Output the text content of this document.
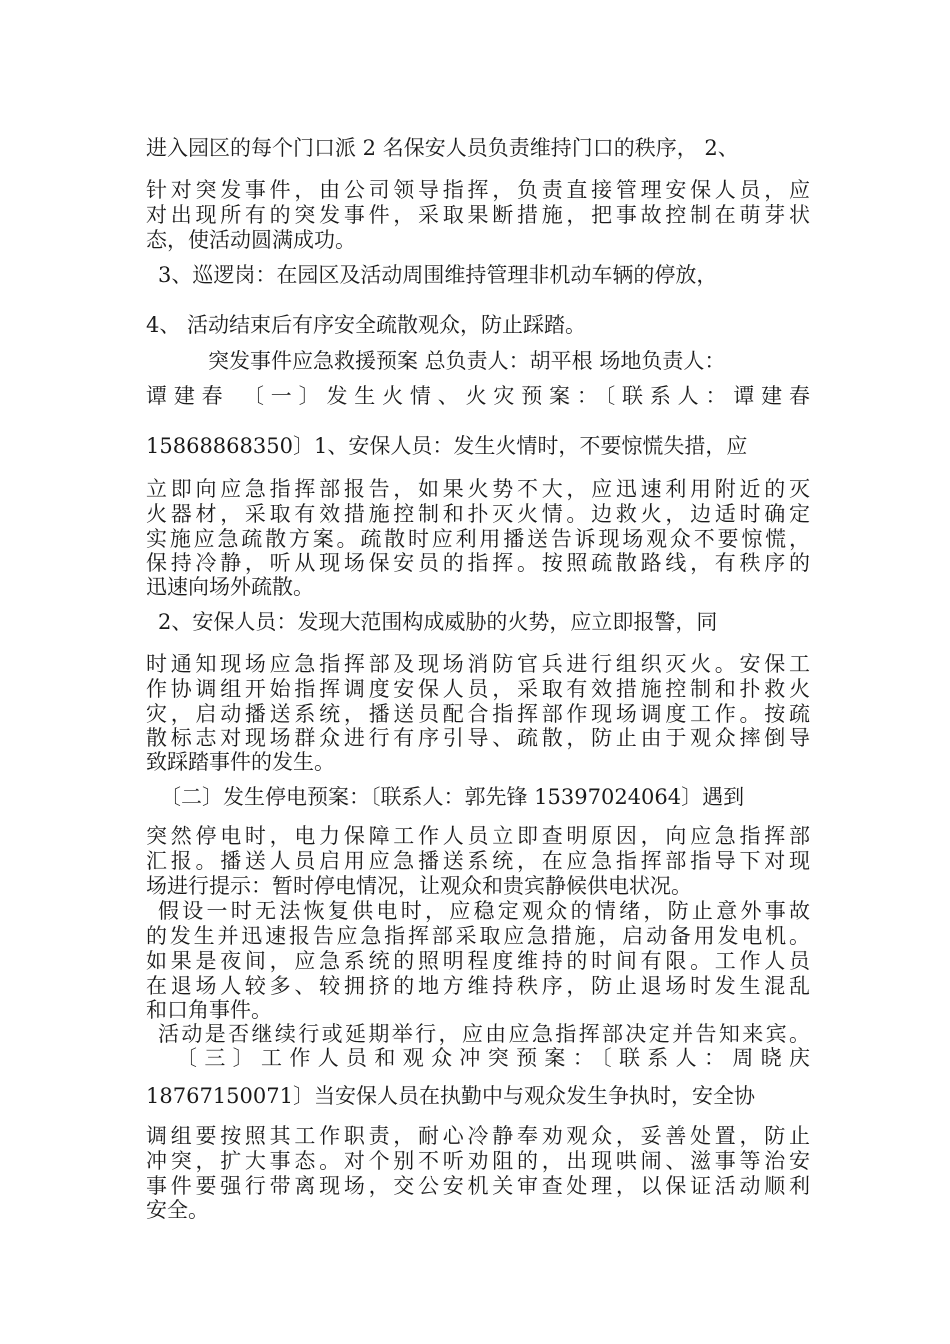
进入园区的每个门口派 2 名保安人员负责维持门口的秩序， 2、

针对突发事件，由公司领导指挥，负责直接管理安保人员，应

对出现所有的突发事件，采取果断措施，把事故控制在萌芽状

态，使活动圆满成功。

3、巡逻岗：在园区及活动周围维持管理非机动车辆的停放，

4、 活动结束后有序安全疏散观众，防止踩踏。

突发事件应急救援预案 总负责人：胡平根 场地负责人：

谭建春 〔一〕发生火情、火灾预案：〔联系人：谭建春

15868868350〕1、安保人员：发生火情时，不要惊慌失措，应

立即向应急指挥部报告，如果火势不大，应迅速利用附近的灭

火器材，采取有效措施控制和扑灭火情。边救火，边适时确定

实施应急疏散方案。疏散时应利用播送告诉现场观众不要惊慌，

保持冷静，听从现场保安员的指挥。按照疏散路线，有秩序的

迅速向场外疏散。

2、安保人员：发现大范围构成威胁的火势，应立即报警，同

时通知现场应急指挥部及现场消防官兵进行组织灭火。安保工

作协调组开始指挥调度安保人员，采取有效措施控制和扑救火

灾，启动播送系统，播送员配合指挥部作现场调度工作。按疏

散标志对现场群众进行有序引导、疏散，防止由于观众摔倒导

致踩踏事件的发生。

〔二〕发生停电预案：〔联系人：郭先锋 15397024064〕遇到

突然停电时，电力保障工作人员立即查明原因，向应急指挥部

汇报。播送人员启用应急播送系统，在应急指挥部指导下对现

场进行提示：暂时停电情况，让观众和贵宾静候供电状况。

假设一时无法恢复供电时，应稳定观众的情绪，防止意外事故

的发生并迅速报告应急指挥部采取应急措施，启动备用发电机。

如果是夜间，应急系统的照明程度维持的时间有限。工作人员

在退场人较多、较拥挤的地方维持秩序，防止退场时发生混乱

和口角事件。

活动是否继续行或延期举行，应由应急指挥部决定并告知来宾。

〔三〕工作人员和观众冲突预案：〔联系人：周晓庆

18767150071〕当安保人员在执勤中与观众发生争执时，安全协

调组要按照其工作职责，耐心冷静奉劝观众，妥善处置，防止

冲突，扩大事态。对个别不听劝阻的，出现哄闹、滋事等治安

事件要强行带离现场，交公安机关审查处理，以保证活动顺利

安全。
